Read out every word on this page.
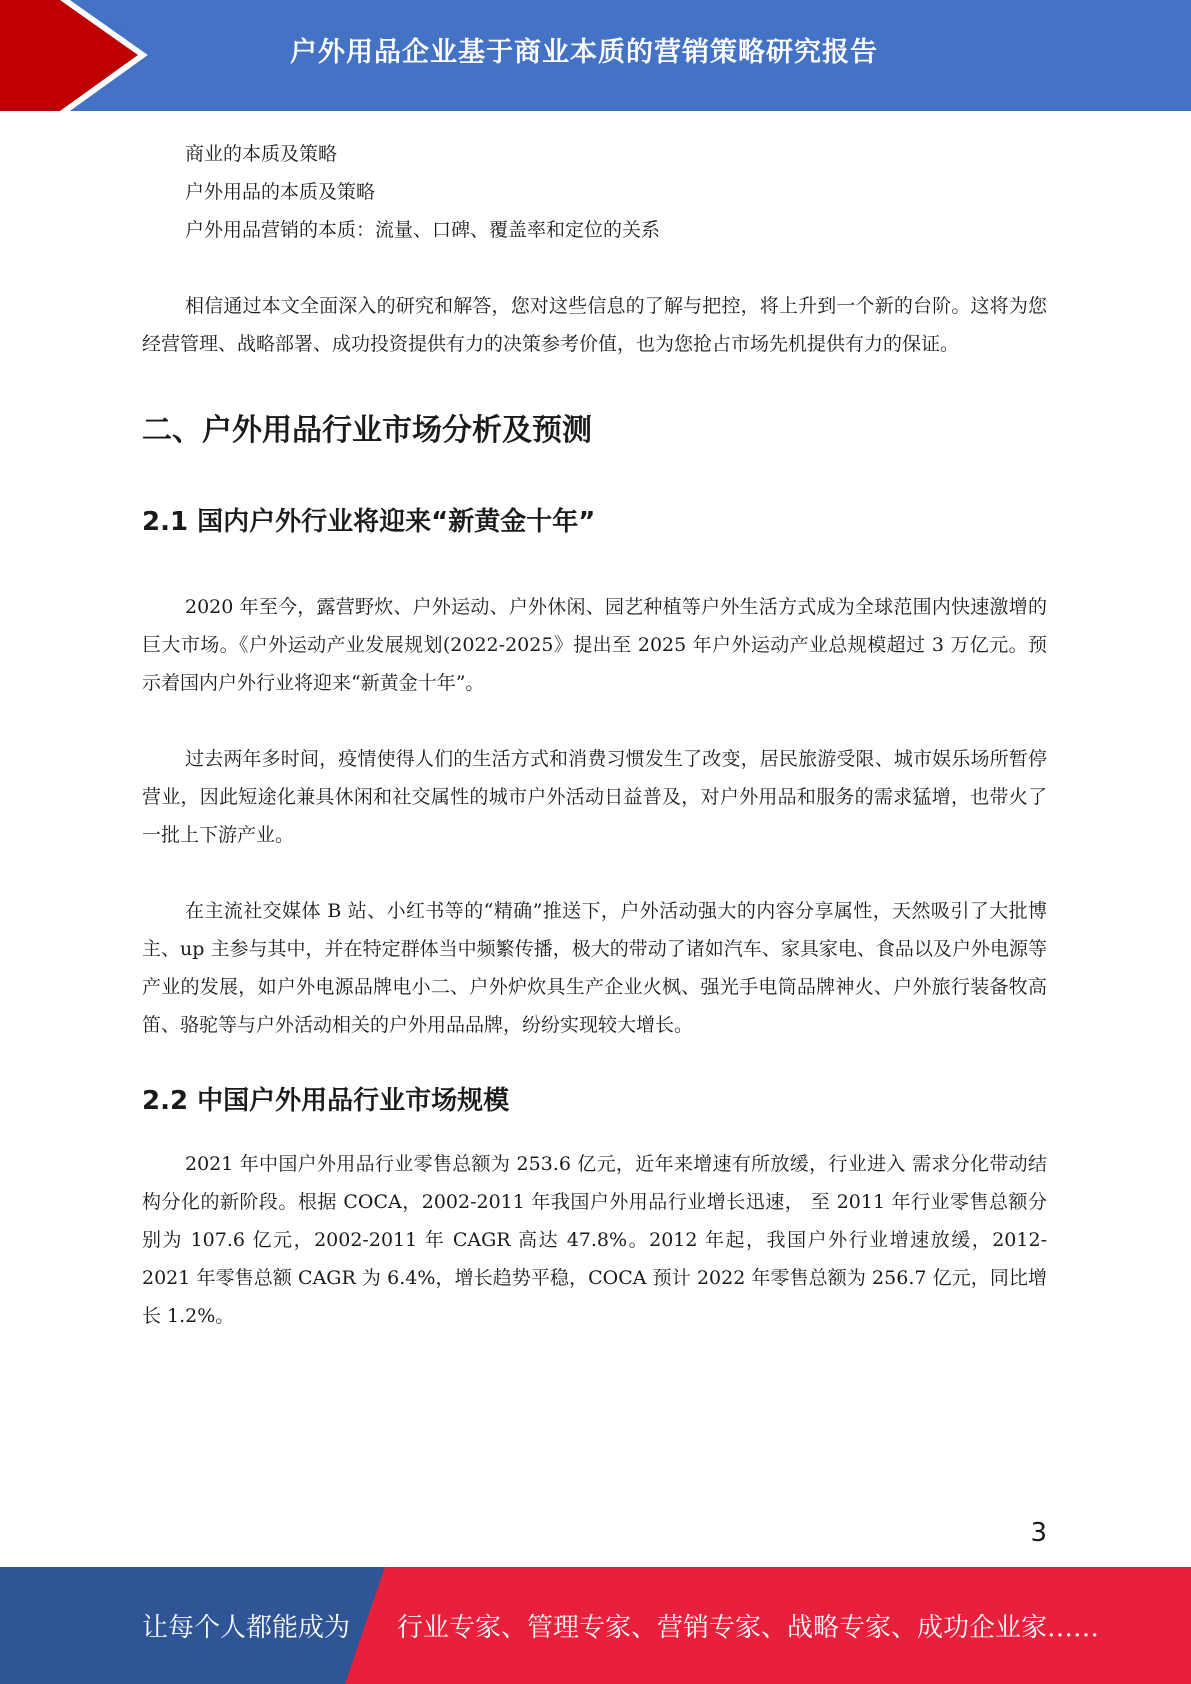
户外用品企业基于商业本质的营销策略研究报告
商业的本质及策略
户外用品的本质及策略
户外用品营销的本质：流量、口碑、覆盖率和定位的关系

相信通过本文全面深入的研究和解答，您对这些信息的了解与把控，将上升到一个新的台阶。这将为您经营管理、战略部署、成功投资提供有力的决策参考价值，也为您抢占市场先机提供有力的保证。

二、户外用品行业市场分析及预测
2.1 国内户外行业将迎来“新黄金十年”

2020 年至今，露营野炊、户外运动、户外休闲、园艺种植等户外生活方式成为全球范围内快速激增的巨大市场。《户外运动产业发展规划(2022-2025》提出至 2025 年户外运动产业总规模超过 3 万亿元。预示着国内户外行业将迎来“新黄金十年”。

过去两年多时间，疫情使得人们的生活方式和消费习惯发生了改变，居民旅游受限、城市娱乐场所暂停营业，因此短途化兼具休闲和社交属性的城市户外活动日益普及，对户外用品和服务的需求猛增，也带火了一批上下游产业。

在主流社交媒体 B 站、小红书等的“精确”推送下，户外活动强大的内容分享属性，天然吸引了大批博主、up 主参与其中，并在特定群体当中频繁传播，极大的带动了诸如汽车、家具家电、食品以及户外电源等产业的发展，如户外电源品牌电小二、户外炉炊具生产企业火枫、强光手电筒品牌神火、户外旅行装备牧高笛、骆驼等与户外活动相关的户外用品品牌，纷纷实现较大增长。

2.2 中国户外用品行业市场规模

2021 年中国户外用品行业零售总额为 253.6 亿元，近年来增速有所放缓，行业进入 需求分化带动结构分化的新阶段。根据 COCA，2002-2011 年我国户外用品行业增长迅速， 至 2011 年行业零售总额分别为 107.6 亿元，2002-2011 年 CAGR 高达 47.8%。2012 年起，我国户外行业增速放缓，2012-2021 年零售总额 CAGR 为 6.4%，增长趋势平稳，COCA 预计 2022 年零售总额为 256.7 亿元，同比增长 1.2%。

3
让每个人都能成为 行业专家、管理专家、营销专家、战略专家、成功企业家……
